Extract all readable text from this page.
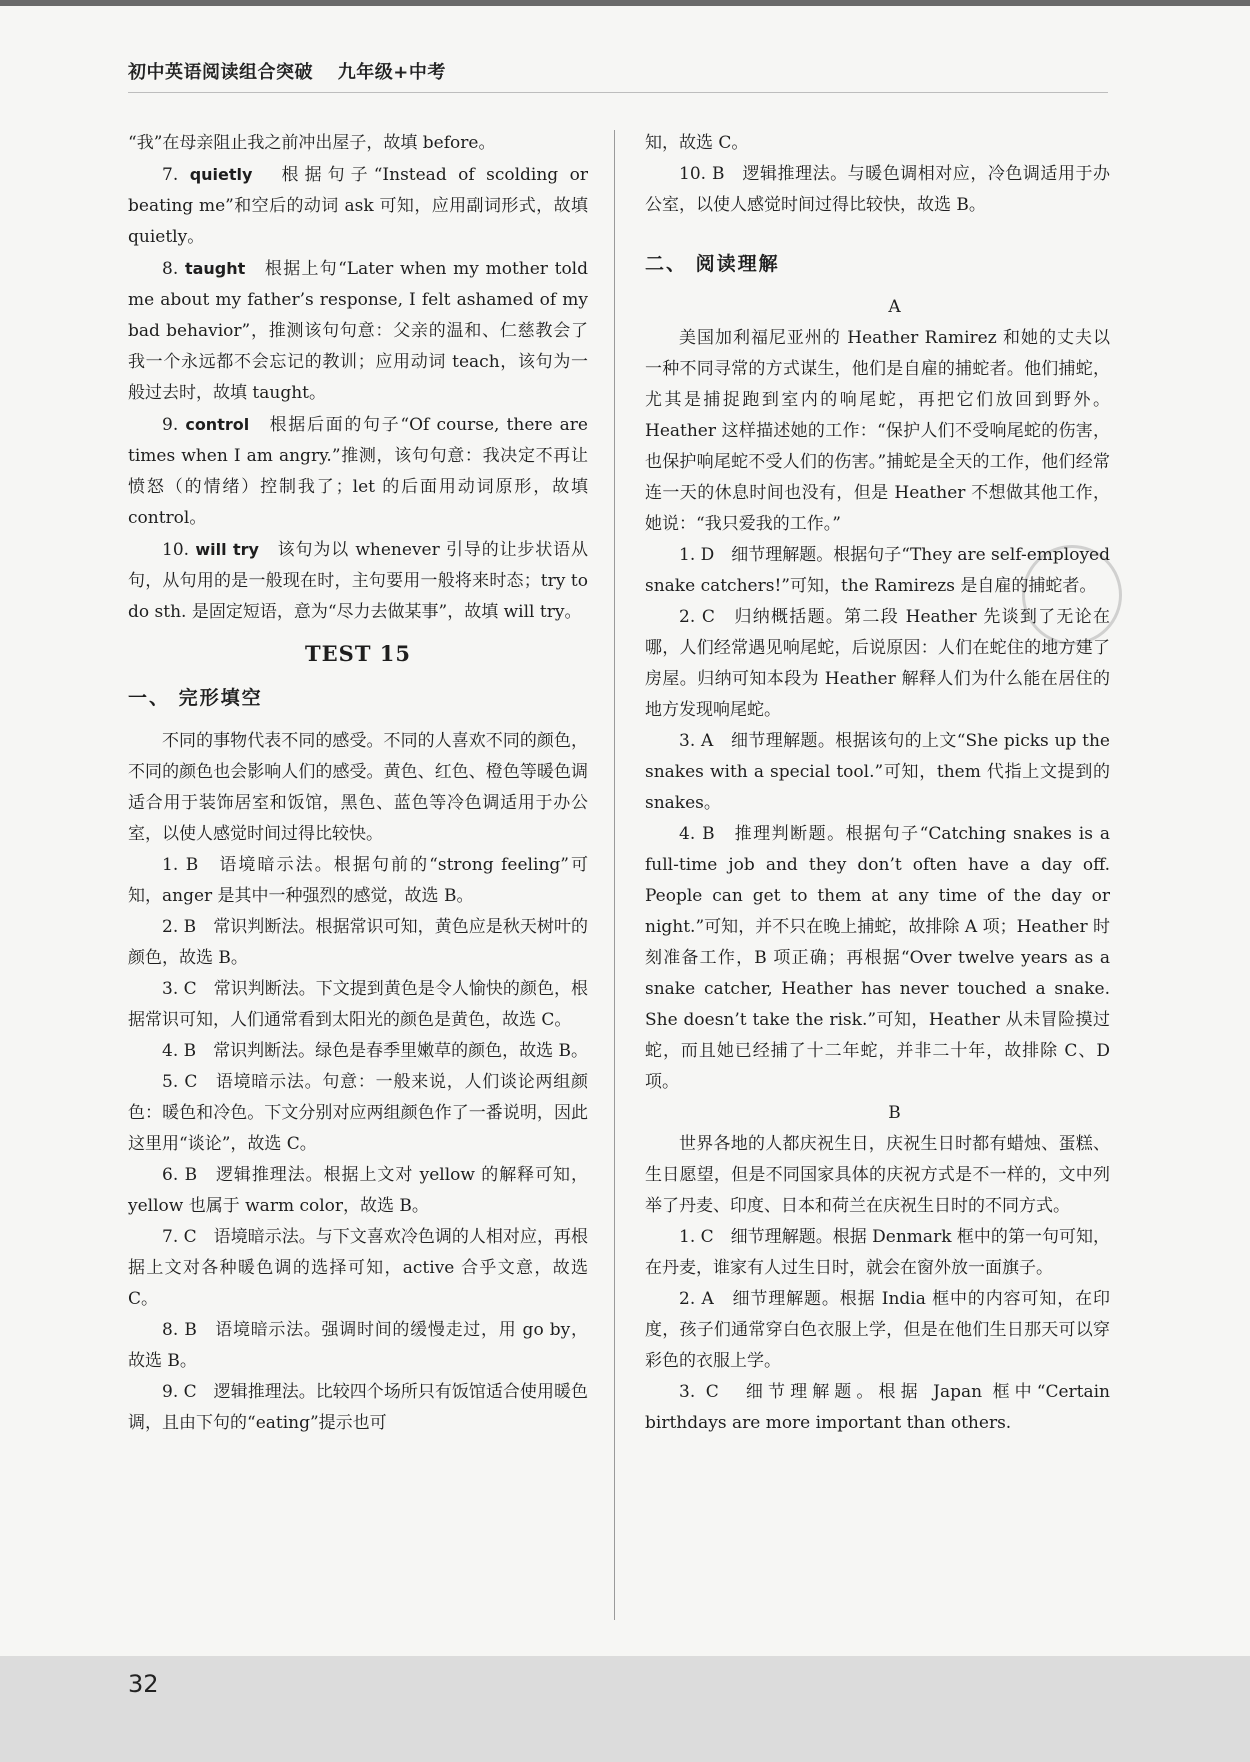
初中英语阅读组合突破 九年级+中考

“我”在母亲阻止我之前冲出屋子，故填 before。

7. quietly　 根据句子“Instead of scolding or beating me”和空后的动词 ask 可知，应用副词形式，故填 quietly。

8. taught　 根据上句“Later when my mother told me about my father’s response, I felt ashamed of my bad behavior”，推测该句句意：父亲的温和、仁慈教会了我一个永远都不会忘记的教训；应用动词 teach，该句为一般过去时，故填 taught。

9. control　 根据后面的句子“Of course, there are times when I am angry.”推测，该句句意：我决定不再让愤怒（的情绪）控制我了；let 的后面用动词原形，故填 control。

10. will try　 该句为以 whenever 引导的让步状语从句，从句用的是一般现在时，主句要用一般将来时态；try to do sth. 是固定短语，意为“尽力去做某事”，故填 will try。

TEST 15
一、 完形填空

不同的事物代表不同的感受。不同的人喜欢不同的颜色，不同的颜色也会影响人们的感受。黄色、红色、橙色等暖色调适合用于装饰居室和饭馆，黑色、蓝色等冷色调适用于办公室，以使人感觉时间过得比较快。

1. B　语境暗示法。根据句前的“strong feeling”可知，anger 是其中一种强烈的感觉，故选 B。

2. B　常识判断法。根据常识可知，黄色应是秋天树叶的颜色，故选 B。

3. C　常识判断法。下文提到黄色是令人愉快的颜色，根据常识可知，人们通常看到太阳光的颜色是黄色，故选 C。

4. B　常识判断法。绿色是春季里嫩草的颜色，故选 B。

5. C　语境暗示法。句意：一般来说，人们谈论两组颜色：暖色和冷色。下文分别对应两组颜色作了一番说明，因此这里用“谈论”，故选 C。

6. B　逻辑推理法。根据上文对 yellow 的解释可知，yellow 也属于 warm color，故选 B。

7. C　语境暗示法。与下文喜欢冷色调的人相对应，再根据上文对各种暖色调的选择可知，active 合乎文意，故选 C。

8. B　语境暗示法。强调时间的缓慢走过，用 go by，故选 B。

9. C　逻辑推理法。比较四个场所只有饭馆适合使用暖色调，且由下句的“eating”提示也可

知，故选 C。

10. B　逻辑推理法。与暖色调相对应，冷色调适用于办公室，以使人感觉时间过得比较快，故选 B。

二、 阅读理解

A

美国加利福尼亚州的 Heather Ramirez 和她的丈夫以一种不同寻常的方式谋生，他们是自雇的捕蛇者。他们捕蛇，尤其是捕捉跑到室内的响尾蛇，再把它们放回到野外。Heather 这样描述她的工作：“保护人们不受响尾蛇的伤害，也保护响尾蛇不受人们的伤害。”捕蛇是全天的工作，他们经常连一天的休息时间也没有，但是 Heather 不想做其他工作，她说：“我只爱我的工作。”

1. D　细节理解题。根据句子“They are self-employed snake catchers!”可知，the Ramirezs 是自雇的捕蛇者。

2. C　归纳概括题。第二段 Heather 先谈到了无论在哪，人们经常遇见响尾蛇，后说原因：人们在蛇住的地方建了房屋。归纳可知本段为 Heather 解释人们为什么能在居住的地方发现响尾蛇。

3. A　细节理解题。根据该句的上文“She picks up the snakes with a special tool.”可知，them 代指上文提到的 snakes。

4. B　推理判断题。根据句子“Catching snakes is a full-time job and they don’t often have a day off. People can get to them at any time of the day or night.”可知，并不只在晚上捕蛇，故排除 A 项；Heather 时刻准备工作，B 项正确；再根据“Over twelve years as a snake catcher, Heather has never touched a snake. She doesn’t take the risk.”可知，Heather 从未冒险摸过蛇，而且她已经捕了十二年蛇，并非二十年，故排除 C、D 项。

B

世界各地的人都庆祝生日，庆祝生日时都有蜡烛、蛋糕、生日愿望，但是不同国家具体的庆祝方式是不一样的，文中列举了丹麦、印度、日本和荷兰在庆祝生日时的不同方式。

1. C　细节理解题。根据 Denmark 框中的第一句可知，在丹麦，谁家有人过生日时，就会在窗外放一面旗子。

2. A　细节理解题。根据 India 框中的内容可知，在印度，孩子们通常穿白色衣服上学，但是在他们生日那天可以穿彩色的衣服上学。

3. C　细节理解题。根据 Japan 框中“Certain birthdays are more important than others.

32
